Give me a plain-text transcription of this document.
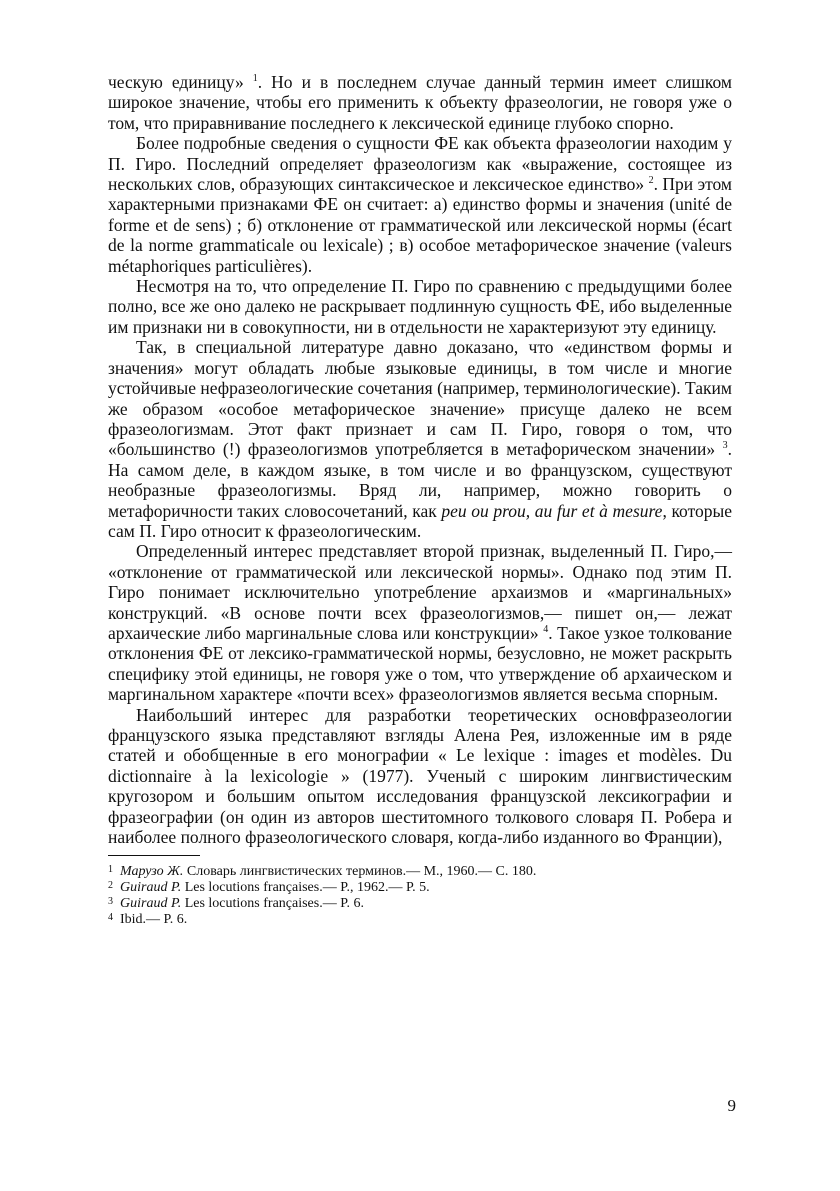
ческую единицу» $^1$. Но и в последнем случае данный термин имеет слишком широкое значение, чтобы его применить к объекту фразеологии, не говоря уже о том, что приравнивание последнего к лексической единице глубоко спорно.

Более подробные сведения о сущности ФЕ как объекта фразеологии находим у П. Гиро. Последний определяет фразеологизм как «выражение, состоящее из нескольких слов, образующих синтаксическое и лексическое единство» $^2$. При этом характерными признаками ФЕ он считает: а) единство формы и значения (unité de forme et de sens) ; б) отклонение от грамматической или лексической нормы (écart de la norme grammaticale ou lexicale) ; в) особое метафорическое значение (valeurs métaphoriques particulières).

Несмотря на то, что определение П. Гиро по сравнению с предыдущими более полно, все же оно далеко не раскрывает подлинную сущность ФЕ, ибо выделенные им признаки ни в совокупности, ни в отдельности не характеризуют эту единицу.

Так, в специальной литературе давно доказано, что «единством формы и значения» могут обладать любые языковые единицы, в том числе и многие устойчивые нефразеологические сочетания (например, терминологические). Таким же образом «особое метафорическое значение» присуще далеко не всем фразеологизмам. Этот факт признает и сам П. Гиро, говоря о том, что «большинство (!) фразеологизмов употребляется в метафорическом значении» $^3$. На самом деле, в каждом языке, в том числе и во французском, существуют необразные фразеологизмы. Вряд ли, например, можно говорить о метафоричности таких словосочетаний, как peu ou prou, au fur et à mesure, которые сам П. Гиро относит к фразеологическим.

Определенный интерес представляет второй признак, выделенный П. Гиро,— «отклонение от грамматической или лексической нормы». Однако под этим П. Гиро понимает исключительно употребление архаизмов и «маргинальных» конструкций. «В основе почти всех фразеологизмов,— пишет он,— лежат архаические либо маргинальные слова или конструкции» $^4$. Такое узкое толкование отклонения ФЕ от лексико-грамматической нормы, безусловно, не может раскрыть специфику этой единицы, не говоря уже о том, что утверждение об архаическом и маргинальном характере «почти всех» фразеологизмов является весьма спорным.

Наибольший интерес для разработки теоретических основфразеологии французского языка представляют взгляды Алена Рея, изложенные им в ряде статей и обобщенные в его монографии « Le lexique : images et modèles. Du dictionnaire à la lexicologie » (1977). Ученый с широким лингвистическим кругозором и большим опытом исследования французской лексикографии и фразеографии (он один из авторов шеститомного толкового словаря П. Робера и наиболее полного фразеологического словаря, когда-либо изданного во Франции),

1 Марузо Ж. Словарь лингвистических терминов.— М., 1960.— С. 180.

2 Guiraud P. Les locutions françaises.— P., 1962.— P. 5.

3 Guiraud P. Les locutions françaises.— P. 6.

4 Ibid.— P. 6.

9
